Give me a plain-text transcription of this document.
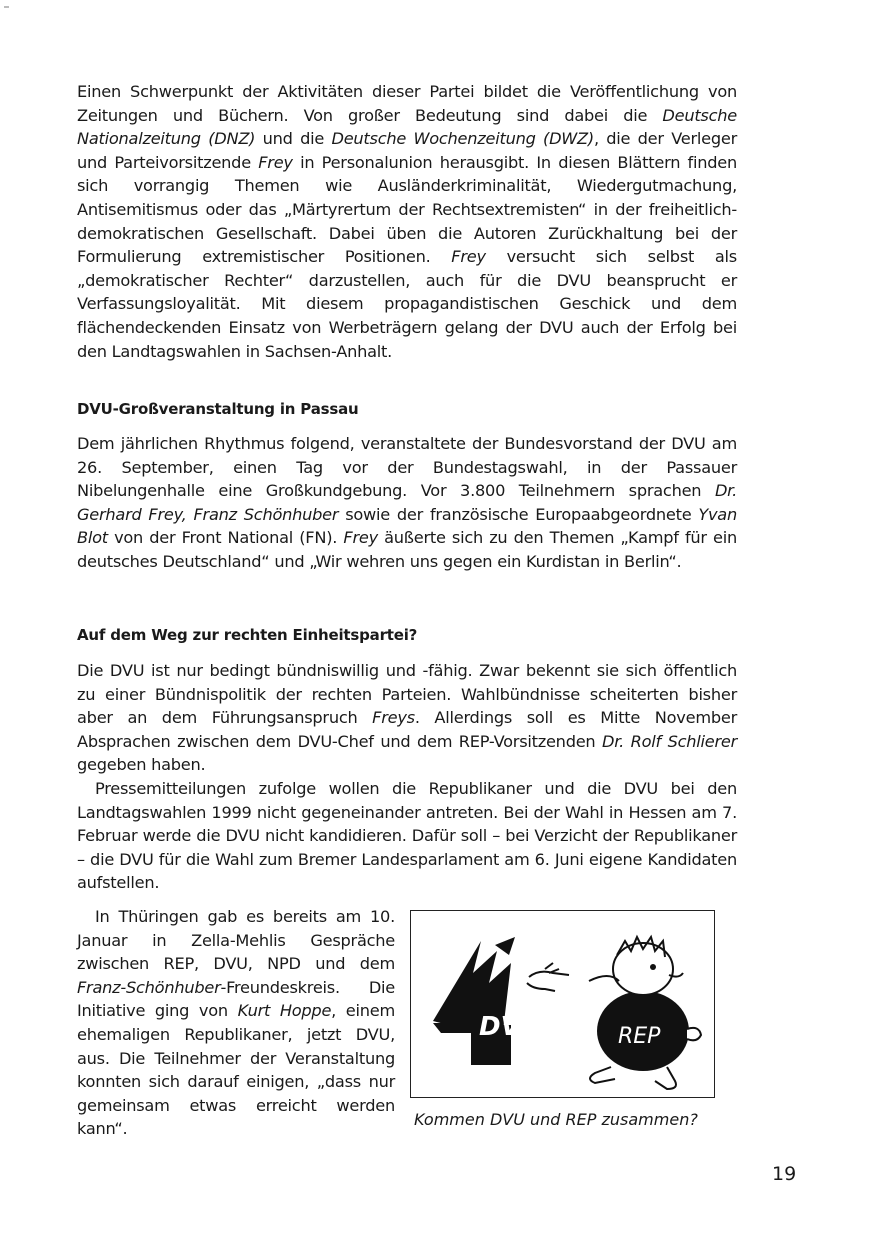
Einen Schwerpunkt der Aktivitäten dieser Partei bildet die Veröffentlichung von Zeitungen und Büchern. Von großer Bedeutung sind dabei die Deutsche Nationalzeitung (DNZ) und die Deutsche Wochenzeitung (DWZ), die der Verleger und Parteivorsitzende Frey in Personalunion herausgibt. In diesen Blättern finden sich vorrangig Themen wie Ausländerkriminalität, Wiedergutmachung, Antisemitismus oder das „Märtyrertum der Rechtsextremisten“ in der freiheitlich-demokratischen Gesellschaft. Dabei üben die Autoren Zurückhaltung bei der Formulierung extremistischer Positionen. Frey versucht sich selbst als „demokratischer Rechter“ darzustellen, auch für die DVU beansprucht er Verfassungsloyalität. Mit diesem propagandistischen Geschick und dem flächendeckenden Einsatz von Werbeträgern gelang der DVU auch der Erfolg bei den Landtagswahlen in Sachsen-Anhalt.

DVU-Großveranstaltung in Passau

Dem jährlichen Rhythmus folgend, veranstaltete der Bundesvorstand der DVU am 26. September, einen Tag vor der Bundestagswahl, in der Passauer Nibelungenhalle eine Großkundgebung. Vor 3.800 Teilnehmern sprachen Dr. Gerhard Frey, Franz Schönhuber sowie der französische Europaabgeordnete Yvan Blot von der Front National (FN). Frey äußerte sich zu den Themen „Kampf für ein deutsches Deutschland“ und „Wir wehren uns gegen ein Kurdistan in Berlin“.

Auf dem Weg zur rechten Einheitspartei?

Die DVU ist nur bedingt bündniswillig und -fähig. Zwar bekennt sie sich öffentlich zu einer Bündnispolitik der rechten Parteien. Wahlbündnisse scheiterten bisher aber an dem Führungsanspruch Freys. Allerdings soll es Mitte November Absprachen zwischen dem DVU-Chef und dem REP-Vorsitzenden Dr. Rolf Schlierer gegeben haben.

Pressemitteilungen zufolge wollen die Republikaner und die DVU bei den Landtagswahlen 1999 nicht gegeneinander antreten. Bei der Wahl in Hessen am 7. Februar werde die DVU nicht kandidieren. Dafür soll – bei Verzicht der Republikaner – die DVU für die Wahl zum Bremer Landesparlament am 6. Juni eigene Kandidaten aufstellen.

In Thüringen gab es bereits am 10. Januar in Zella-Mehlis Gespräche zwischen REP, DVU, NPD und dem Franz-Schönhuber-Freundeskreis. Die Initiative ging von Kurt Hoppe, einem ehemaligen Republikaner, jetzt DVU, aus. Die Teilnehmer der Veranstaltung konnten sich darauf einigen, „dass nur gemeinsam etwas erreicht werden kann“.

DVU	REP
Kommen DVU und REP zusammen?
19
